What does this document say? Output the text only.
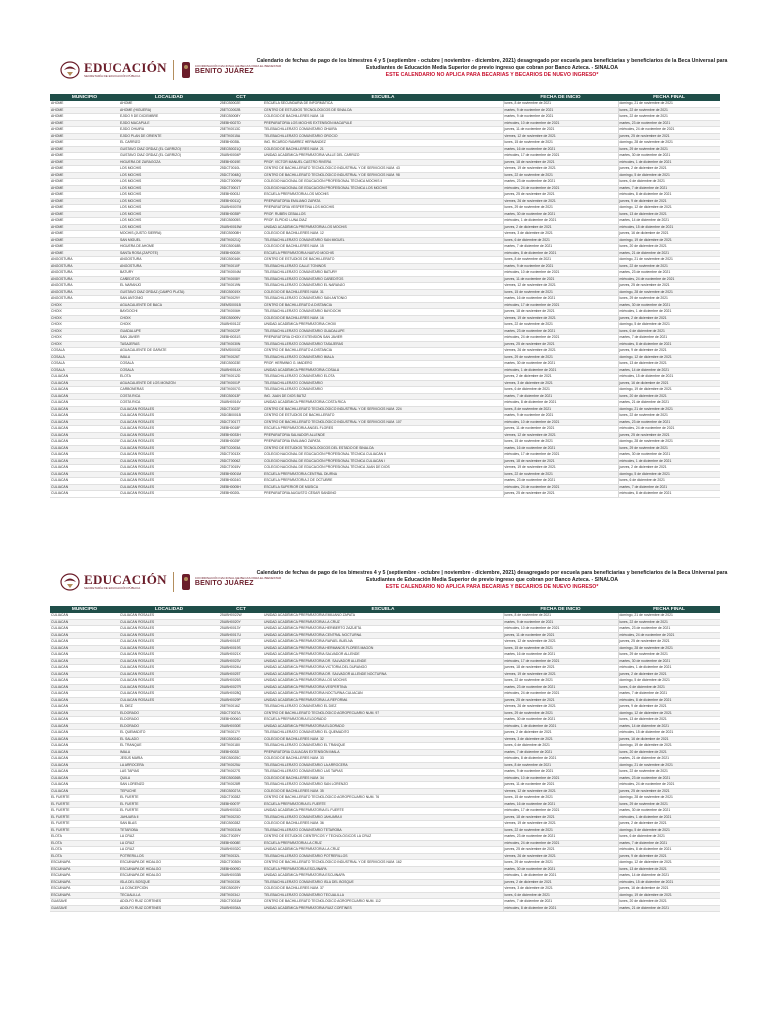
EDUCACIÓN
SECRETARÍA DE EDUCACIÓN PÚBLICA
COORDINACIÓN NACIONAL DE BECAS PARA EL BIENESTAR
BENITO JUÁREZ
Calendario de fechas de pago de los bimestres 4 y 5 (septiembre - octubre | noviembre - diciembre, 2021) desagregado por escuela para beneficiarias y beneficiarios de la Beca Universal para Estudiantes de Educación Media Superior de previo ingreso que cobran por Banco Azteca. - SINALOA
ESTE CALENDARIO NO APLICA PARA BECARIAS Y BECARIOS DE NUEVO INGRESO*
MUNICIPIO	LOCALIDAD	CCT	ESCUELA	FECHA DE INICIO	FECHA FINAL
AHOME	AHOME	25ECB0002E	ESCUELA SECUNDARIA DE INFORMÁTICA	lunes, 8 de noviembre de 2021	domingo, 21 de noviembre de 2021
AHOME	AHOME (HIGUERA)	25ETC0002B	CENTRO DE ESTUDIOS TECNOLÓGICOS DE SINALOA	martes, 9 de noviembre de 2021	lunes, 22 de noviembre de 2021
AHOME	EJIDO 9 DE DICIEMBRE	25ECB0008Y	COLEGIO DE BACHILLERES NUM. 18	martes, 9 de noviembre de 2021	lunes, 22 de noviembre de 2021
AHOME	EJIDO MACAPULE	25EBH0027D	PREPARATORIA LOS MOCHIS EXTENSIÓN MACAPULE	miércoles, 10 de noviembre de 2021	martes, 23 de noviembre de 2021
AHOME	EJIDO OHUIRA	25ETK0013C	TELEBACHILLERATO COMUNITARIO OHUIRA	jueves, 11 de noviembre de 2021	miércoles, 24 de noviembre de 2021
AHOME	EJIDO PLAN DE ORIENTE	25ETK0015A	TELEBACHILLERATO COMUNITARIO OROCIO	viernes, 12 de noviembre de 2021	jueves, 25 de noviembre de 2021
AHOME	EL CARRIZO	25EBH0035L	ING. RICARDO RAMÍREZ HERNÁNDEZ	lunes, 15 de noviembre de 2021	domingo, 28 de noviembre de 2021
AHOME	GUSTAVO DÍAZ ORDAZ (EL CARRIZO)	25ECB0021Q	COLEGIO DE BACHILLERES NUM. 21	martes, 16 de noviembre de 2021	lunes, 29 de noviembre de 2021
AHOME	GUSTAVO DÍAZ ORDAZ (EL CARRIZO)	25UBH0004P	UNIDAD ACADÉMICA PREPARATORIA VALLE DEL CARRIZO	miércoles, 17 de noviembre de 2021	martes, 30 de noviembre de 2021
AHOME	HIGUERA DE ZARAGOZA	25EBH0019E	PROF. VÍCTOR MANUEL CASTRO RIVERA	jueves, 18 de noviembre de 2021	miércoles, 1 de diciembre de 2021
AHOME	LOS MOCHIS	25DCT0010L	CENTRO DE BACHILLERATO TECNOLÓGICO INDUSTRIAL Y DE SERVICIOS NUM. 43	viernes, 19 de noviembre de 2021	jueves, 2 de diciembre de 2021
AHOME	LOS MOCHIS	25DCT0048Q	CENTRO DE BACHILLERATO TECNOLÓGICO INDUSTRIAL Y DE SERVICIOS NUM. 98	lunes, 22 de noviembre de 2021	domingo, 5 de diciembre de 2021
AHOME	LOS MOCHIS	25DCT0009W	COLEGIO NACIONAL DE EDUCACIÓN PROFESIONAL TÉCNICA MOCHIS II	martes, 23 de noviembre de 2021	lunes, 6 de diciembre de 2021
AHOME	LOS MOCHIS	25DCT0001T	COLEGIO NACIONAL DE EDUCACIÓN PROFESIONAL TÉCNICA LOS MOCHIS	miércoles, 24 de noviembre de 2021	martes, 7 de diciembre de 2021
AHOME	LOS MOCHIS	25EBH0003J	ESCUELA PREPARATORIA LOS MOCHIS	jueves, 25 de noviembre de 2021	miércoles, 8 de diciembre de 2021
AHOME	LOS MOCHIS	25EBH0011Q	PREPARATORIA EMILIANO ZAPATA	viernes, 26 de noviembre de 2021	jueves, 9 de diciembre de 2021
AHOME	LOS MOCHIS	25UBH0007M	PREPARATORIA VESPERTINA LOS MOCHIS	lunes, 29 de noviembre de 2021	domingo, 12 de diciembre de 2021
AHOME	LOS MOCHIS	25EBH0035P	PROF. RUBÉN CEBALLOS	martes, 30 de noviembre de 2021	lunes, 13 de diciembre de 2021
AHOME	LOS MOCHIS	25ECB0005S	PROF. ELPIDIO LUNA DÍAZ	miércoles, 1 de diciembre de 2021	martes, 14 de diciembre de 2021
AHOME	LOS MOCHIS	25UBH0015W	UNIDAD ACADÉMICA PREPARATORIA LOS MOCHIS	jueves, 2 de diciembre de 2021	miércoles, 15 de diciembre de 2021
AHOME	MOCHIS (JUSTO SIERRA)	25ECB0008H	COLEGIO DE BACHILLERES NUM. 12	viernes, 3 de diciembre de 2021	jueves, 16 de diciembre de 2021
AHOME	SAN MIGUEL	25ETK0021Q	TELEBACHILLERATO COMUNITARIO SAN MIGUEL	lunes, 6 de diciembre de 2021	domingo, 19 de diciembre de 2021
AHOME	HIGUERA DE AHOME	25ECB0018B	COLEGIO DE BACHILLERES NUM. 15	martes, 7 de diciembre de 2021	lunes, 20 de diciembre de 2021
AHOME	SANTA ROSA (ZAPOTE)	25EBH0002K	ESCUELA PREPARATORIA NUEVO MOCHIS	miércoles, 8 de diciembre de 2021	martes, 21 de diciembre de 2021
ANGOSTURA	ANGOSTURA	25ECB0016K	CENTRO DE ESTUDIOS DE BACHILLERATO	lunes, 8 de noviembre de 2021	domingo, 21 de noviembre de 2021
ANGOSTURA	ANGOSTURA	25ETK0010F	TELEBACHILLERATO CALLE TONINOS	martes, 9 de noviembre de 2021	lunes, 22 de noviembre de 2021
ANGOSTURA	BATURY	25ETK0004M	TELEBACHILLERATO COMUNITARIO BATURY	miércoles, 10 de noviembre de 2021	martes, 23 de noviembre de 2021
ANGOSTURA	CAÑEDITOS	25ETK0008Y	TELEBACHILLERATO COMUNITARIO CAÑEDITOS	jueves, 11 de noviembre de 2021	miércoles, 24 de noviembre de 2021
ANGOSTURA	EL NARANJO	25ETK0019N	TELEBACHILLERATO COMUNITARIO EL NARANJO	viernes, 12 de noviembre de 2021	jueves, 25 de noviembre de 2021
ANGOSTURA	GUSTAVO DÍAZ ORDAZ (CAMPO PLATA)	25ECB0019X	COLEGIO DE BACHILLERES NUM. 31	lunes, 15 de noviembre de 2021	domingo, 28 de noviembre de 2021
ANGOSTURA	SAN ANTONIO	25ETK0029Y	TELEBACHILLERATO COMUNITARIO SAN ANTONIO	martes, 16 de noviembre de 2021	lunes, 29 de noviembre de 2021
CHOIX	AGUACALIENTE DE BACA	25EMS0001B	CENTRO DE BACHILLERATO A DISTANCIA	miércoles, 17 de noviembre de 2021	martes, 30 de noviembre de 2021
CHOIX	BAYDOCHI	25ETK0006H	TELEBACHILLERATO COMUNITARIO BAYDOCHI	jueves, 18 de noviembre de 2021	miércoles, 1 de diciembre de 2021
CHOIX	CHOIX	25ECB0009V	COLEGIO DE BACHILLERES NUM. 16	viernes, 19 de noviembre de 2021	jueves, 2 de diciembre de 2021
CHOIX	CHOIX	25UBH0012Z	UNIDAD ACADÉMICA PREPARATORIA CHOIX	lunes, 22 de noviembre de 2021	domingo, 5 de diciembre de 2021
CHOIX	GUADALUPE	25ETK0022P	TELEBACHILLERATO COMUNITARIO GUADALUPE	martes, 23 de noviembre de 2021	lunes, 6 de diciembre de 2021
CHOIX	SAN JAVIER	25EBH0031S	PREPARATORIA CHOIX EXTENSIÓN SAN JAVIER	miércoles, 24 de noviembre de 2021	martes, 7 de diciembre de 2021
CHOIX	TASAJERAS	25ETK0030N	TELEBACHILLERATO COMUNITARIO TASAJERAS	jueves, 25 de noviembre de 2021	miércoles, 8 de diciembre de 2021
COSALÁ	AGUACALIENTE DE GÁRATE	25EMS0003Z	CENTRO DE BACHILLERATO A DISTANCIA	viernes, 26 de noviembre de 2021	jueves, 9 de diciembre de 2021
COSALÁ	IMALA	25ETK0026T	TELEBACHILLERATO COMUNITARIO IMALA	lunes, 29 de noviembre de 2021	domingo, 12 de diciembre de 2021
COSALÁ	COSALÁ	25ECB0023E	PROF. HERMINIO G. MADERO	martes, 30 de noviembre de 2021	lunes, 13 de diciembre de 2021
COSALÁ	COSALÁ	25UBH0014X	UNIDAD ACADÉMICA PREPARATORIA COSALÁ	miércoles, 1 de diciembre de 2021	martes, 14 de diciembre de 2021
CULIACÁN	ELOTA	25ETK0012D	TELEBACHILLERATO COMUNITARIO ELOTA	jueves, 2 de diciembre de 2021	miércoles, 15 de diciembre de 2021
CULIACÁN	AGUACALIENTE DE LOS MONZÓN	25ETK0001P	TELEBACHILLERATO COMUNITARIO	viernes, 3 de diciembre de 2021	jueves, 16 de diciembre de 2021
CULIACÁN	CARBONERAS	25ETK0007G	TELEBACHILLERATO COMUNITARIO	lunes, 6 de diciembre de 2021	domingo, 19 de diciembre de 2021
CULIACÁN	COSTA RICA	25ECB0013F	ING. JUAN DE DIOS BÁTIZ	martes, 7 de diciembre de 2021	lunes, 20 de diciembre de 2021
CULIACÁN	COSTA RICA	25UBH0016V	UNIDAD ACADÉMICA PREPARATORIA COSTA RICA	miércoles, 8 de diciembre de 2021	martes, 21 de diciembre de 2021
CULIACÁN	CULIACÁN ROSALES	25DCT0022F	CENTRO DE BACHILLERATO TECNOLÓGICO INDUSTRIAL Y DE SERVICIOS NUM. 224	lunes, 8 de noviembre de 2021	domingo, 21 de noviembre de 2021
CULIACÁN	CULIACÁN ROSALES	25DGB0001B	CENTRO DE ESTUDIOS DE BACHILLERATO	martes, 9 de noviembre de 2021	lunes, 22 de noviembre de 2021
CULIACÁN	CULIACÁN ROSALES	25DCT0017T	CENTRO DE BACHILLERATO TECNOLÓGICO INDUSTRIAL Y DE SERVICIOS NUM. 107	miércoles, 10 de noviembre de 2021	martes, 23 de noviembre de 2021
CULIACÁN	CULIACÁN ROSALES	25EBH0018F	ESCUELA PREPARATORIA ÁNGEL FLORES	jueves, 11 de noviembre de 2021	miércoles, 24 de noviembre de 2021
CULIACÁN	CULIACÁN ROSALES	25EBH0033H	PREPARATORIA SALVADOR ALLENDE	viernes, 12 de noviembre de 2021	jueves, 25 de noviembre de 2021
CULIACÁN	CULIACÁN ROSALES	25EBH0025F	PREPARATORIA EMILIANO ZAPATA	lunes, 15 de noviembre de 2021	domingo, 28 de noviembre de 2021
CULIACÁN	CULIACÁN ROSALES	25ETC0003A	CENTRO DE ESTUDIOS TECNOLÓGICOS DEL ESTADO DE SINALOA	martes, 16 de noviembre de 2021	lunes, 29 de noviembre de 2021
CULIACÁN	CULIACÁN ROSALES	25DCT0013X	COLEGIO NACIONAL DE EDUCACIÓN PROFESIONAL TÉCNICA CULIACÁN II	miércoles, 17 de noviembre de 2021	martes, 30 de noviembre de 2021
CULIACÁN	CULIACÁN ROSALES	25DCT0006Z	COLEGIO NACIONAL DE EDUCACIÓN PROFESIONAL TÉCNICA CULIACÁN I	jueves, 18 de noviembre de 2021	miércoles, 1 de diciembre de 2021
CULIACÁN	CULIACÁN ROSALES	25DCT0015V	COLEGIO NACIONAL DE EDUCACIÓN PROFESIONAL TÉCNICA JUAN DE DIOS	viernes, 19 de noviembre de 2021	jueves, 2 de diciembre de 2021
CULIACÁN	CULIACÁN ROSALES	25EBH0001M	ESCUELA PREPARATORIA CENTRAL DIURNA	lunes, 22 de noviembre de 2021	domingo, 5 de diciembre de 2021
CULIACÁN	CULIACÁN ROSALES	25EBH0024G	ESCUELA PREPARATORIA 2 DE OCTUBRE	martes, 23 de noviembre de 2021	lunes, 6 de diciembre de 2021
CULIACÁN	CULIACÁN ROSALES	25EBH0005H	ESCUELA SUPERIOR DE MÚSICA	miércoles, 24 de noviembre de 2021	martes, 7 de diciembre de 2021
CULIACÁN	CULIACÁN ROSALES	25EBH0020L	PREPARATORIA AUGUSTO CÉSAR SANDINO	jueves, 25 de noviembre de 2021	miércoles, 8 de diciembre de 2021
EDUCACIÓN
SECRETARÍA DE EDUCACIÓN PÚBLICA
COORDINACIÓN NACIONAL DE BECAS PARA EL BIENESTAR
BENITO JUÁREZ
Calendario de fechas de pago de los bimestres 4 y 5 (septiembre - octubre | noviembre - diciembre, 2021) desagregado por escuela para beneficiarias y beneficiarios de la Beca Universal para Estudiantes de Educación Media Superior de previo ingreso que cobran por Banco Azteca. - SINALOA
ESTE CALENDARIO NO APLICA PARA BECARIAS Y BECARIOS DE NUEVO INGRESO*
MUNICIPIO	LOCALIDAD	CCT	ESCUELA	FECHA DE INICIO	FECHA FINAL
CULIACÁN	CULIACÁN ROSALES	25UBH0022W	UNIDAD ACADÉMICA PREPARATORIA EMILIANO ZAPATA	lunes, 8 de noviembre de 2021	domingo, 21 de noviembre de 2021
CULIACÁN	CULIACÁN ROSALES	25UBH0020Y	UNIDAD ACADÉMICA PREPARATORIA LA CRUZ	martes, 9 de noviembre de 2021	lunes, 22 de noviembre de 2021
CULIACÁN	CULIACÁN ROSALES	25UBH0013Y	UNIDAD ACADÉMICA PREPARATORIA HERIBERTO ZAZUETA	miércoles, 10 de noviembre de 2021	martes, 23 de noviembre de 2021
CULIACÁN	CULIACÁN ROSALES	25UBH0017U	UNIDAD ACADÉMICA PREPARATORIA CENTRAL NOCTURNA	jueves, 11 de noviembre de 2021	miércoles, 24 de noviembre de 2021
CULIACÁN	CULIACÁN ROSALES	25UBH0018T	UNIDAD ACADÉMICA PREPARATORIA RAFAEL BUELNA	viernes, 12 de noviembre de 2021	jueves, 25 de noviembre de 2021
CULIACÁN	CULIACÁN ROSALES	25UBH0019S	UNIDAD ACADÉMICA PREPARATORIA HERMANOS FLORES MAGÓN	lunes, 15 de noviembre de 2021	domingo, 28 de noviembre de 2021
CULIACÁN	CULIACÁN ROSALES	25UBH0021X	UNIDAD ACADÉMICA PREPARATORIA SALVADOR ALLENDE	martes, 16 de noviembre de 2021	lunes, 29 de noviembre de 2021
CULIACÁN	CULIACÁN ROSALES	25UBH0023V	UNIDAD ACADÉMICA PREPARATORIA DR. SALVADOR ALLENDE	miércoles, 17 de noviembre de 2021	martes, 30 de noviembre de 2021
CULIACÁN	CULIACÁN ROSALES	25UBH0024U	UNIDAD ACADÉMICA PREPARATORIA VICTORIA DEL DURANGO	jueves, 18 de noviembre de 2021	miércoles, 1 de diciembre de 2021
CULIACÁN	CULIACÁN ROSALES	25UBH0025T	UNIDAD ACADÉMICA PREPARATORIA DR. SALVADOR ALLENDE NOCTURNA	viernes, 19 de noviembre de 2021	jueves, 2 de diciembre de 2021
CULIACÁN	CULIACÁN ROSALES	25UBH0026S	UNIDAD ACADÉMICA PREPARATORIA LOS MOCHIS	lunes, 22 de noviembre de 2021	domingo, 5 de diciembre de 2021
CULIACÁN	CULIACÁN ROSALES	25UBH0027R	UNIDAD ACADÉMICA PREPARATORIA VESPERTINA	martes, 23 de noviembre de 2021	lunes, 6 de diciembre de 2021
CULIACÁN	CULIACÁN ROSALES	25UBH0028Q	UNIDAD ACADÉMICA PREPARATORIA NOCTURNA CULIACÁN	miércoles, 24 de noviembre de 2021	martes, 7 de diciembre de 2021
CULIACÁN	CULIACÁN ROSALES	25UBH0029P	UNIDAD ACADÉMICA PREPARATORIA LA REFORMA	jueves, 25 de noviembre de 2021	miércoles, 8 de diciembre de 2021
CULIACÁN	EL DIEZ	25ETK0016Z	TELEBACHILLERATO COMUNITARIO EL DIEZ	viernes, 26 de noviembre de 2021	jueves, 9 de diciembre de 2021
CULIACÁN	ELDORADO	25DCT0027A	CENTRO DE BACHILLERATO TECNOLÓGICO AGROPECUARIO NUM. 97	lunes, 29 de noviembre de 2021	domingo, 12 de diciembre de 2021
CULIACÁN	ELDORADO	25EBH0006G	ESCUELA PREPARATORIA ELDORADO	martes, 30 de noviembre de 2021	lunes, 13 de diciembre de 2021
CULIACÁN	ELDORADO	25UBH0030E	UNIDAD ACADÉMICA PREPARATORIA ELDORADO	miércoles, 1 de diciembre de 2021	martes, 14 de diciembre de 2021
CULIACÁN	EL QUEMADITO	25ETK0017Y	TELEBACHILLERATO COMUNITARIO EL QUEMADITO	jueves, 2 de diciembre de 2021	miércoles, 15 de diciembre de 2021
CULIACÁN	EL SALADO	25ECB0024D	COLEGIO DE BACHILLERES NUM. 32	viernes, 3 de diciembre de 2021	jueves, 16 de diciembre de 2021
CULIACÁN	EL TRANQUE	25ETK0018X	TELEBACHILLERATO COMUNITARIO EL TRANQUE	lunes, 6 de diciembre de 2021	domingo, 19 de diciembre de 2021
CULIACÁN	IMALA	25EBH0032I	PREPARATORIA CULIACÁN EXTENSIÓN IMALA	martes, 7 de diciembre de 2021	lunes, 20 de diciembre de 2021
CULIACÁN	JESÚS MARÍA	25ECB0025C	COLEGIO DE BACHILLERES NUM. 33	miércoles, 8 de diciembre de 2021	martes, 21 de diciembre de 2021
CULIACÁN	LA ARROCERA	25ETK0025U	TELEBACHILLERATO COMUNITARIO LA ARROCERA	lunes, 8 de noviembre de 2021	domingo, 21 de noviembre de 2021
CULIACÁN	LAS TAPIAS	25ETK0027S	TELEBACHILLERATO COMUNITARIO LAS TAPIAS	martes, 9 de noviembre de 2021	lunes, 22 de noviembre de 2021
CULIACÁN	QUILA	25ECB0026B	COLEGIO DE BACHILLERES NUM. 34	miércoles, 10 de noviembre de 2021	martes, 23 de noviembre de 2021
CULIACÁN	SAN LORENZO	25ETK0028R	TELEBACHILLERATO COMUNITARIO SAN LORENZO	jueves, 11 de noviembre de 2021	miércoles, 24 de noviembre de 2021
CULIACÁN	TEPUCHE	25ECB0027A	COLEGIO DE BACHILLERES NUM. 35	viernes, 12 de noviembre de 2021	jueves, 25 de noviembre de 2021
EL FUERTE	EL FUERTE	25DCT0028Z	CENTRO DE BACHILLERATO TECNOLÓGICO AGROPECUARIO NUM. 76	lunes, 15 de noviembre de 2021	domingo, 28 de noviembre de 2021
EL FUERTE	EL FUERTE	25EBH0007F	ESCUELA PREPARATORIA EL FUERTE	martes, 16 de noviembre de 2021	lunes, 29 de noviembre de 2021
EL FUERTE	EL FUERTE	25UBH0031D	UNIDAD ACADÉMICA PREPARATORIA EL FUERTE	miércoles, 17 de noviembre de 2021	martes, 30 de noviembre de 2021
EL FUERTE	JAHUARA II	25ETK0023O	TELEBACHILLERATO COMUNITARIO JAHUARA II	jueves, 18 de noviembre de 2021	miércoles, 1 de diciembre de 2021
EL FUERTE	SAN BLAS	25ECB0028Z	COLEGIO DE BACHILLERES NUM. 36	viernes, 19 de noviembre de 2021	jueves, 2 de diciembre de 2021
EL FUERTE	TETAROBA	25ETK0031M	TELEBACHILLERATO COMUNITARIO TETAROBA	lunes, 22 de noviembre de 2021	domingo, 5 de diciembre de 2021
ELOTA	LA CRUZ	25DCT0029Y	CENTRO DE ESTUDIOS CIENTÍFICOS Y TECNOLÓGICOS LA CRUZ	martes, 23 de noviembre de 2021	lunes, 6 de diciembre de 2021
ELOTA	LA CRUZ	25EBH0008E	ESCUELA PREPARATORIA LA CRUZ	miércoles, 24 de noviembre de 2021	martes, 7 de diciembre de 2021
ELOTA	LA CRUZ	25UBH0032C	UNIDAD ACADÉMICA PREPARATORIA LA CRUZ	jueves, 25 de noviembre de 2021	miércoles, 8 de diciembre de 2021
ELOTA	POTRERILLOS	25ETK0032L	TELEBACHILLERATO COMUNITARIO POTRERILLOS	viernes, 26 de noviembre de 2021	jueves, 9 de diciembre de 2021
ESCUINAPA	ESCUINAPA DE HIDALGO	25DCT0030N	CENTRO DE BACHILLERATO TECNOLÓGICO INDUSTRIAL Y DE SERVICIOS NUM. 162	lunes, 29 de noviembre de 2021	domingo, 12 de diciembre de 2021
ESCUINAPA	ESCUINAPA DE HIDALGO	25EBH0009D	ESCUELA PREPARATORIA ESCUINAPA	martes, 30 de noviembre de 2021	lunes, 13 de diciembre de 2021
ESCUINAPA	ESCUINAPA DE HIDALGO	25UBH0033B	UNIDAD ACADÉMICA PREPARATORIA ESCUINAPA	miércoles, 1 de diciembre de 2021	martes, 14 de diciembre de 2021
ESCUINAPA	ISLA DEL BOSQUE	25ETK0033K	TELEBACHILLERATO COMUNITARIO ISLA DEL BOSQUE	jueves, 2 de diciembre de 2021	miércoles, 15 de diciembre de 2021
ESCUINAPA	LA CONCEPCIÓN	25ECB0029Y	COLEGIO DE BACHILLERES NUM. 37	viernes, 3 de diciembre de 2021	jueves, 16 de diciembre de 2021
ESCUINAPA	TECUALILLA	25ETK0034J	TELEBACHILLERATO COMUNITARIO TECUALILLA	lunes, 6 de diciembre de 2021	domingo, 19 de diciembre de 2021
GUASAVE	ADOLFO RUIZ CORTINES	25DCT0031M	CENTRO DE BACHILLERATO TECNOLÓGICO AGROPECUARIO NUM. 112	martes, 7 de diciembre de 2021	lunes, 20 de diciembre de 2021
GUASAVE	ADOLFO RUIZ CORTINES	25UBH0034A	UNIDAD ACADÉMICA PREPARATORIA RUIZ CORTINES	miércoles, 8 de diciembre de 2021	martes, 21 de diciembre de 2021
